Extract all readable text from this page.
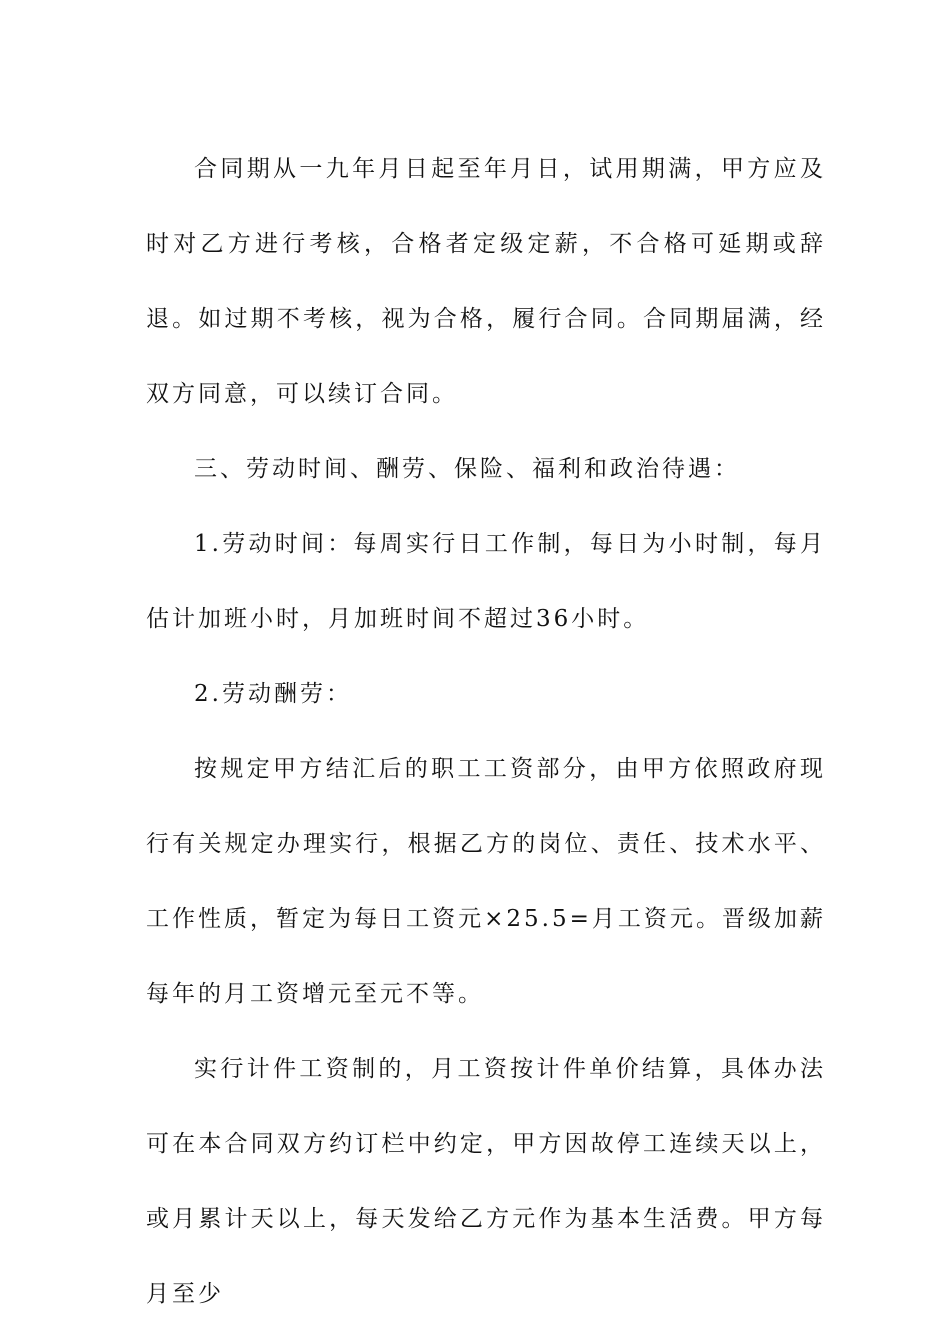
合同期从一九年月日起至年月日，试用期满，甲方应及时对乙方进行考核，合格者定级定薪，不合格可延期或辞退。如过期不考核，视为合格，履行合同。合同期届满，经双方同意，可以续订合同。

三、劳动时间、酬劳、保险、福利和政治待遇：

1.劳动时间：每周实行日工作制，每日为小时制，每月估计加班小时，月加班时间不超过36小时。

2.劳动酬劳：

按规定甲方结汇后的职工工资部分，由甲方依照政府现行有关规定办理实行，根据乙方的岗位、责任、技术水平、工作性质，暂定为每日工资元×25.5=月工资元。晋级加薪每年的月工资增元至元不等。

实行计件工资制的，月工资按计件单价结算，具体办法可在本合同双方约订栏中约定，甲方因故停工连续天以上，或月累计天以上，每天发给乙方元作为基本生活费。甲方每月至少
